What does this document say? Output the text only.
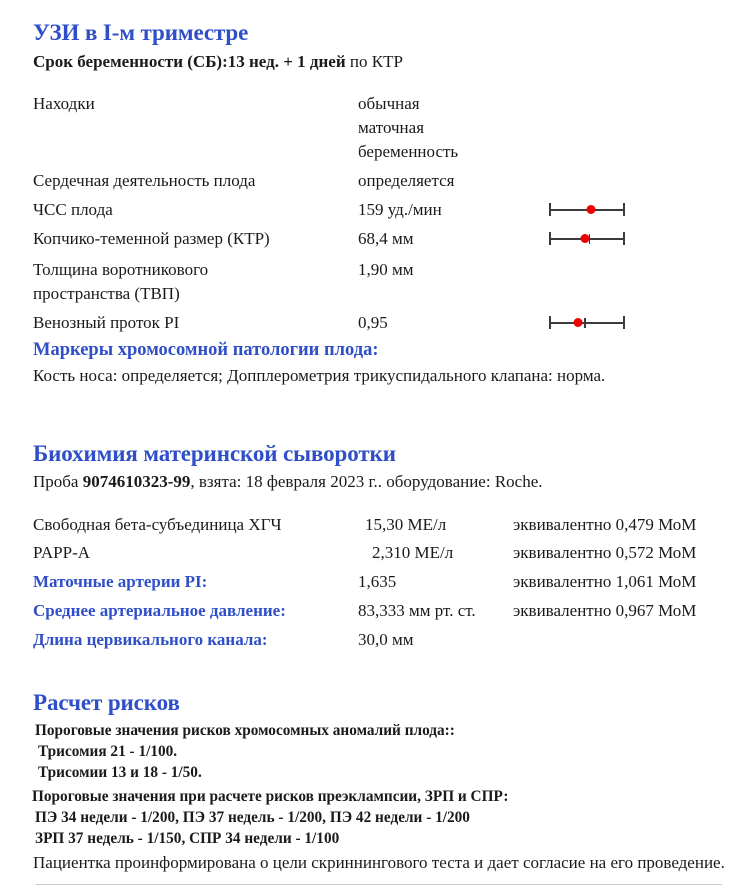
УЗИ в I-м триместре
Срок беременности (СБ):13 нед. + 1 дней по КТР
Находки	обычная
маточная
беременность
Сердечная деятельность плода	определяется
ЧСС плода	159 уд./мин
Копчико-теменной размер (КТР)	68,4 мм
Толщина воротникового
пространства (ТВП)
1,90 мм
Венозный проток PI	0,95
Маркеры хромосомной патологии плода:
Кость носа: определяется; Допплерометрия трикуспидального клапана: норма.
Биохимия материнской сыворотки
Проба 9074610323-99, взята: 18 февраля 2023 г.. оборудование: Roche.
Свободная бета-субъединица ХГЧ	15,30 МЕ/л	эквивалентно 0,479 МоМ
PAPP-A	2,310 МЕ/л	эквивалентно 0,572 МоМ
Маточные артерии PI:	1,635	эквивалентно 1,061 МоМ
Среднее артериальное давление:	83,333 мм рт. ст. эквивалентно 0,967 МоМ
Длина цервикального канала:	30,0 мм
Расчет рисков
Пороговые значения рисков хромосомных аномалий плода::
Трисомия 21 - 1/100.
Трисомии 13 и 18 - 1/50.
Пороговые значения при расчете рисков преэклампсии, ЗРП и СПР:
ПЭ 34 недели - 1/200, ПЭ 37 недель - 1/200, ПЭ 42 недели - 1/200
ЗРП 37 недель - 1/150, СПР 34 недели - 1/100
Пациентка проинформирована о цели скриннингового теста и дает согласие на его проведение.
